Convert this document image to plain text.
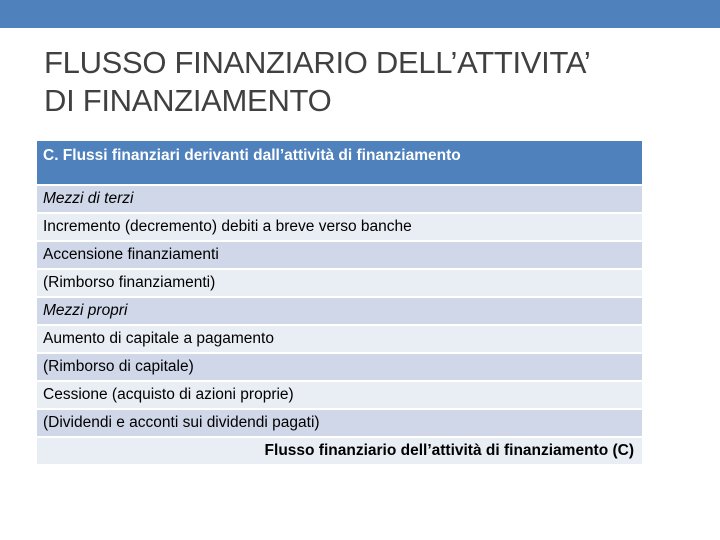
FLUSSO FINANZIARIO DELL’ATTIVITA’
DI FINANZIAMENTO
C. Flussi finanziari derivanti dall’attività di finanziamento
Mezzi di terzi
Incremento (decremento) debiti a breve verso banche
Accensione finanziamenti
(Rimborso finanziamenti)
Mezzi propri
Aumento di capitale a pagamento
(Rimborso di capitale)
Cessione (acquisto di azioni proprie)
(Dividendi e acconti sui dividendi pagati)
Flusso finanziario dell’attività di finanziamento (C)
